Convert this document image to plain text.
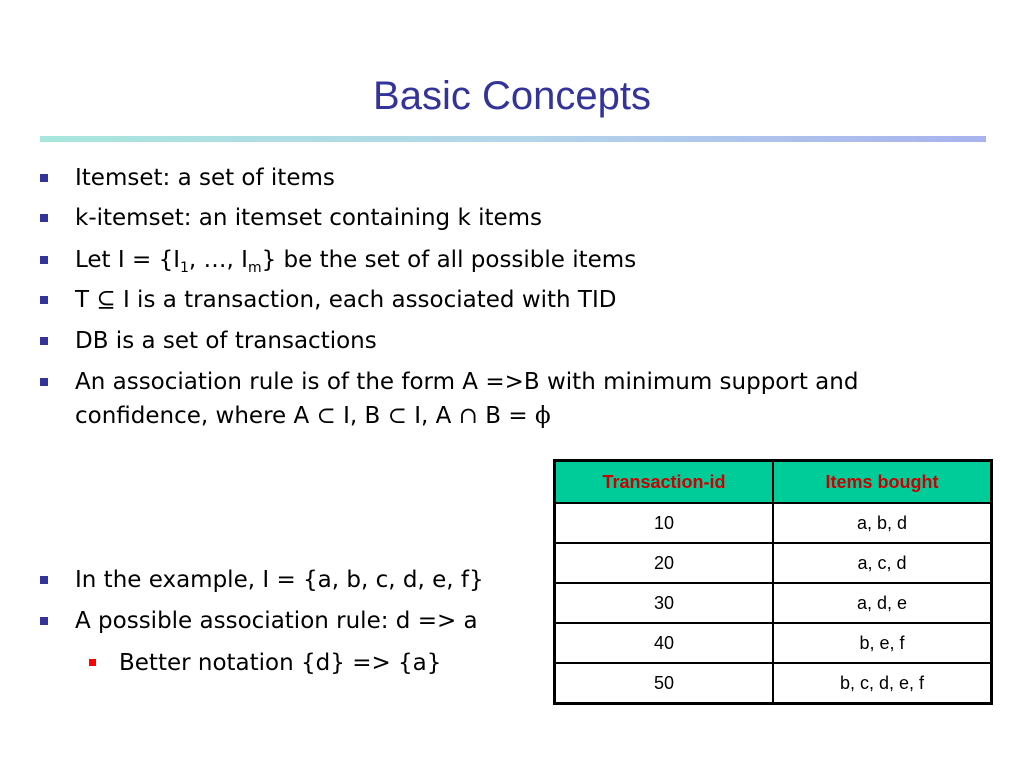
Basic Concepts
Itemset: a set of items
k-itemset: an itemset containing k items
Let $I = \{I_1$, …, $I_m$} be the set of all possible items
T ⊆ I is a transaction, each associated with TID
DB is a set of transactions
An association rule is of the form A =>B with minimum support and
confidence, where A ⊂ I, B ⊂ I, A ∩ B = ϕ
In the example, I = {a, b, c, d, e, f}
A possible association rule: d => a
Better notation {d} => {a}
Transaction-id	Items bought
10	a, b, d
20	a, c, d
30	a, d, e
40	b, e, f
50	b, c, d, e, f
